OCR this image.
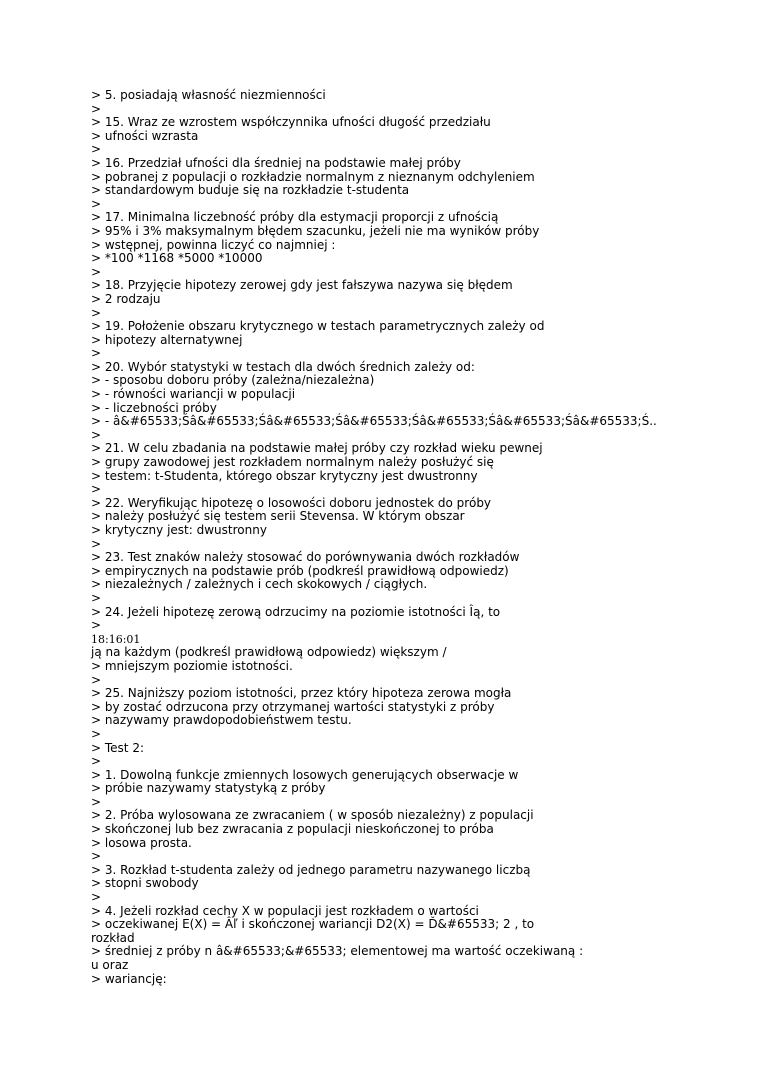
> 5. posiadają własność niezmienności
>
> 15. Wraz ze wzrostem współczynnika ufności długość przedziału
> ufności wzrasta
>
> 16. Przedział ufności dla średniej na podstawie małej próby
> pobranej z populacji o rozkładzie normalnym z nieznanym odchyleniem
> standardowym buduje się na rozkładzie t-studenta
>
> 17. Minimalna liczebność próby dla estymacji proporcji z ufnością
> 95% i 3% maksymalnym błędem szacunku, jeżeli nie ma wyników próby
> wstępnej, powinna liczyć co najmniej :
> *100 *1168 *5000 *10000
>
> 18. Przyjęcie hipotezy zerowej gdy jest fałszywa nazywa się błędem
> 2 rodzaju
>
> 19. Położenie obszaru krytycznego w testach parametrycznych zależy od
> hipotezy alternatywnej
>
> 20. Wybór statystyki w testach dla dwóch średnich zależy od:
> - sposobu doboru próby (zależna/niezależna)
> - równości wariancji w populacji
> - liczebności próby
> - â&#65533;Śâ&#65533;Śâ&#65533;Śâ&#65533;Śâ&#65533;Śâ&#65533;Śâ&#65533;Ś..
>
> 21. W celu zbadania na podstawie małej próby czy rozkład wieku pewnej
> grupy zawodowej jest rozkładem normalnym należy posłużyć się
> testem: t-Studenta, którego obszar krytyczny jest dwustronny
>
> 22. Weryfikując hipotezę o losowości doboru jednostek do próby
> należy posłużyć się testem serii Stevensa. W którym obszar
> krytyczny jest: dwustronny
>
> 23. Test znaków należy stosować do porównywania dwóch rozkładów
> empirycznych na podstawie prób (podkreśl prawidłową odpowiedz)
> niezależnych / zależnych i cech skokowych / ciągłych.
>
> 24. Jeżeli hipotezę zerową odrzucimy na poziomie istotności Îą, to
>
18:16:01
ją na każdym (podkreśl prawidłową odpowiedz) większym /
> mniejszym poziomie istotności.
>
> 25. Najniższy poziom istotności, przez który hipoteza zerowa mogła
> by zostać odrzucona przy otrzymanej wartości statystyki z próby
> nazywamy prawdopodobieństwem testu.
>
> Test 2:
>
> 1. Dowolną funkcje zmiennych losowych generujących obserwacje w
> próbie nazywamy statystyką z próby
>
> 2. Próba wylosowana ze zwracaniem ( w sposób niezależny) z populacji
> skończonej lub bez zwracania z populacji nieskończonej to próba
> losowa prosta.
>
> 3. Rozkład t-studenta zależy od jednego parametru nazywanego liczbą
> stopni swobody
>
> 4. Jeżeli rozkład cechy X w populacji jest rozkładem o wartości
> oczekiwanej E(X) = Âľ i skończonej wariancji D2(X) = Ď&#65533; 2 , to
rozkład
> średniej z próby n â&#65533;&#65533; elementowej ma wartość oczekiwaną :
u oraz
> wariancję:
